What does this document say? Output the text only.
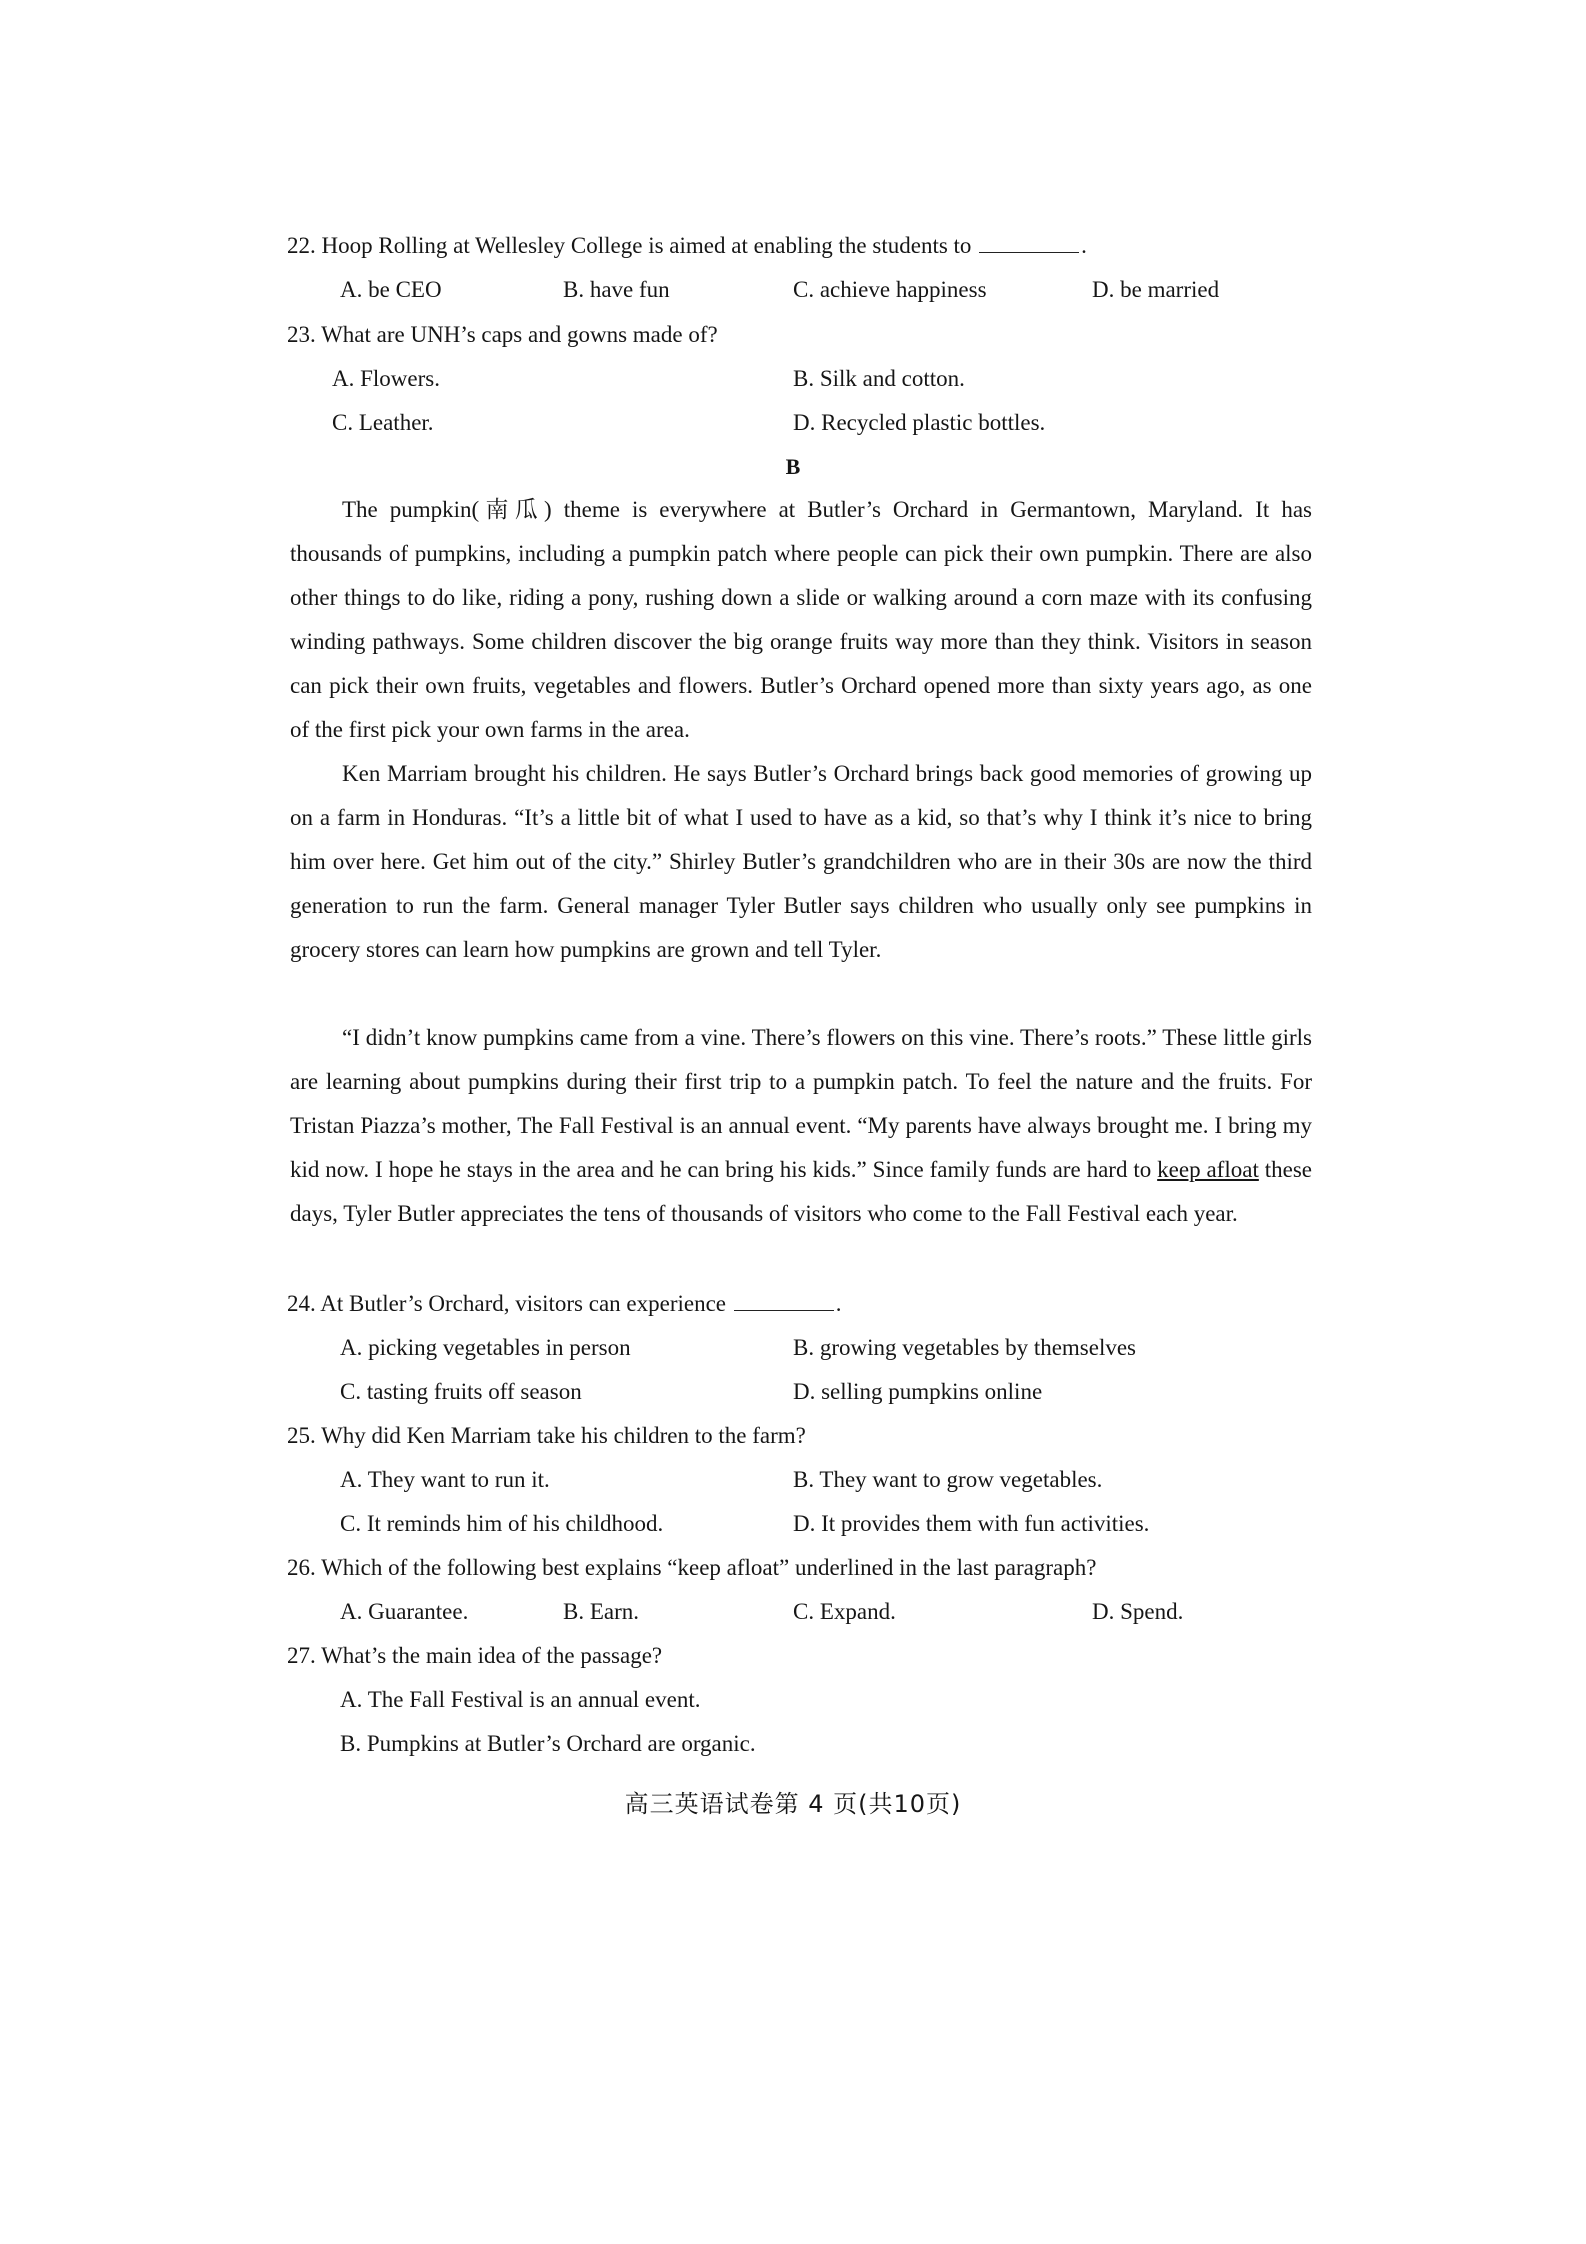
22. Hoop Rolling at Wellesley College is aimed at enabling the students to	.
A. be CEO	B. have fun	C. achieve happiness	D. be married
23. What are UNH’s caps and gowns made of?
A. Flowers.	B. Silk and cotton.
C. Leather.	D. Recycled plastic bottles.
B
The pumpkin(南瓜) theme is everywhere at Butler’s Orchard in Germantown, Maryland. It has thousands of pumpkins, including a pumpkin patch where people can pick their own pumpkin. There are also other things to do like, riding a pony, rushing down a slide or walking around a corn maze with its confusing winding pathways. Some children discover the big orange fruits way more than they think. Visitors in season can pick their own fruits, vegetables and flowers. Butler’s Orchard opened more than sixty years ago, as one of the first pick your own farms in the area.
Ken Marriam brought his children. He says Butler’s Orchard brings back good memories of growing up on a farm in Honduras. “It’s a little bit of what I used to have as a kid, so that’s why I think it’s nice to bring him over here. Get him out of the city.” Shirley Butler’s grandchildren who are in their 30s are now the third generation to run the farm. General manager Tyler Butler says children who usually only see pumpkins in grocery stores can learn how pumpkins are grown and tell Tyler.
“I didn’t know pumpkins came from a vine. There’s flowers on this vine. There’s roots.” These little girls are learning about pumpkins during their first trip to a pumpkin patch. To feel the nature and the fruits. For Tristan Piazza’s mother, The Fall Festival is an annual event. “My parents have always brought me. I bring my kid now. I hope he stays in the area and he can bring his kids.” Since family funds are hard to keep afloat these days, Tyler Butler appreciates the tens of thousands of visitors who come to the Fall Festival each year.
24. At Butler’s Orchard, visitors can experience	.
A. picking vegetables in person	B. growing vegetables by themselves
C. tasting fruits off season	D. selling pumpkins online
25. Why did Ken Marriam take his children to the farm?
A. They want to run it.	B. They want to grow vegetables.
C. It reminds him of his childhood.	D. It provides them with fun activities.
26. Which of the following best explains “keep afloat” underlined in the last paragraph?
A. Guarantee.	B. Earn.	C. Expand.	D. Spend.
27. What’s the main idea of the passage?
A. The Fall Festival is an annual event.
B. Pumpkins at Butler’s Orchard are organic.
高三英语试卷第 4 页(共10页)
